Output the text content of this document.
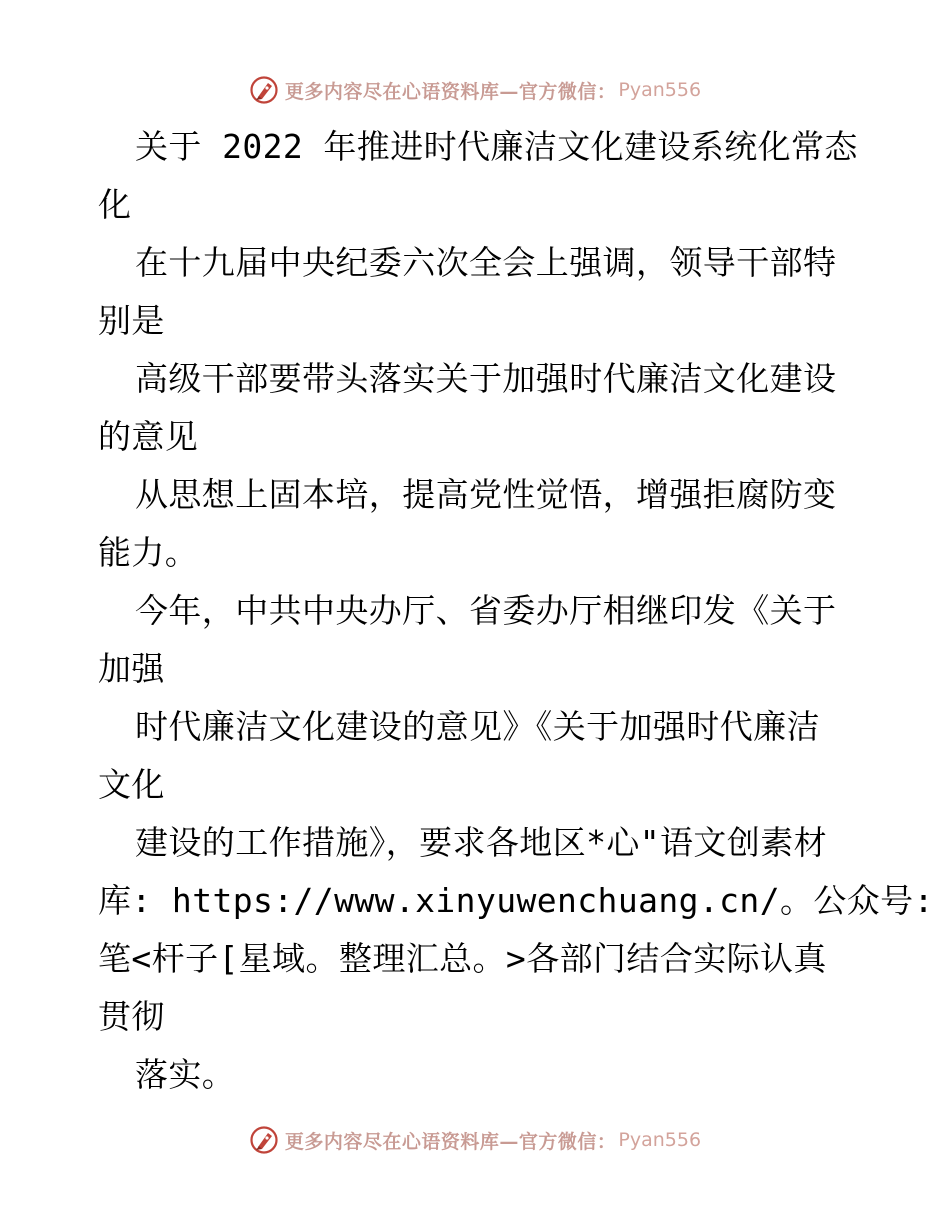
更多内容尽在心语资料库—官方微信： Pyan556
关于 2022 年推进时代廉洁文化建设系统化常态
化
在十九届中央纪委六次全会上强调，领导干部特
别是
高级干部要带头落实关于加强时代廉洁文化建设
的意见
从思想上固本培，提高党性觉悟，增强拒腐防变
能力。
今年，中共中央办厅、省委办厅相继印发《关于
加强
时代廉洁文化建设的意见》《关于加强时代廉洁
文化
建设的工作措施》，要求各地区*心"语文创素材
库: https://www.xinyuwenchuang.cn/。公众号:
笔<杆子[星域。整理汇总。>各部门结合实际认真
贯彻
落实。
更多内容尽在心语资料库—官方微信： Pyan556
